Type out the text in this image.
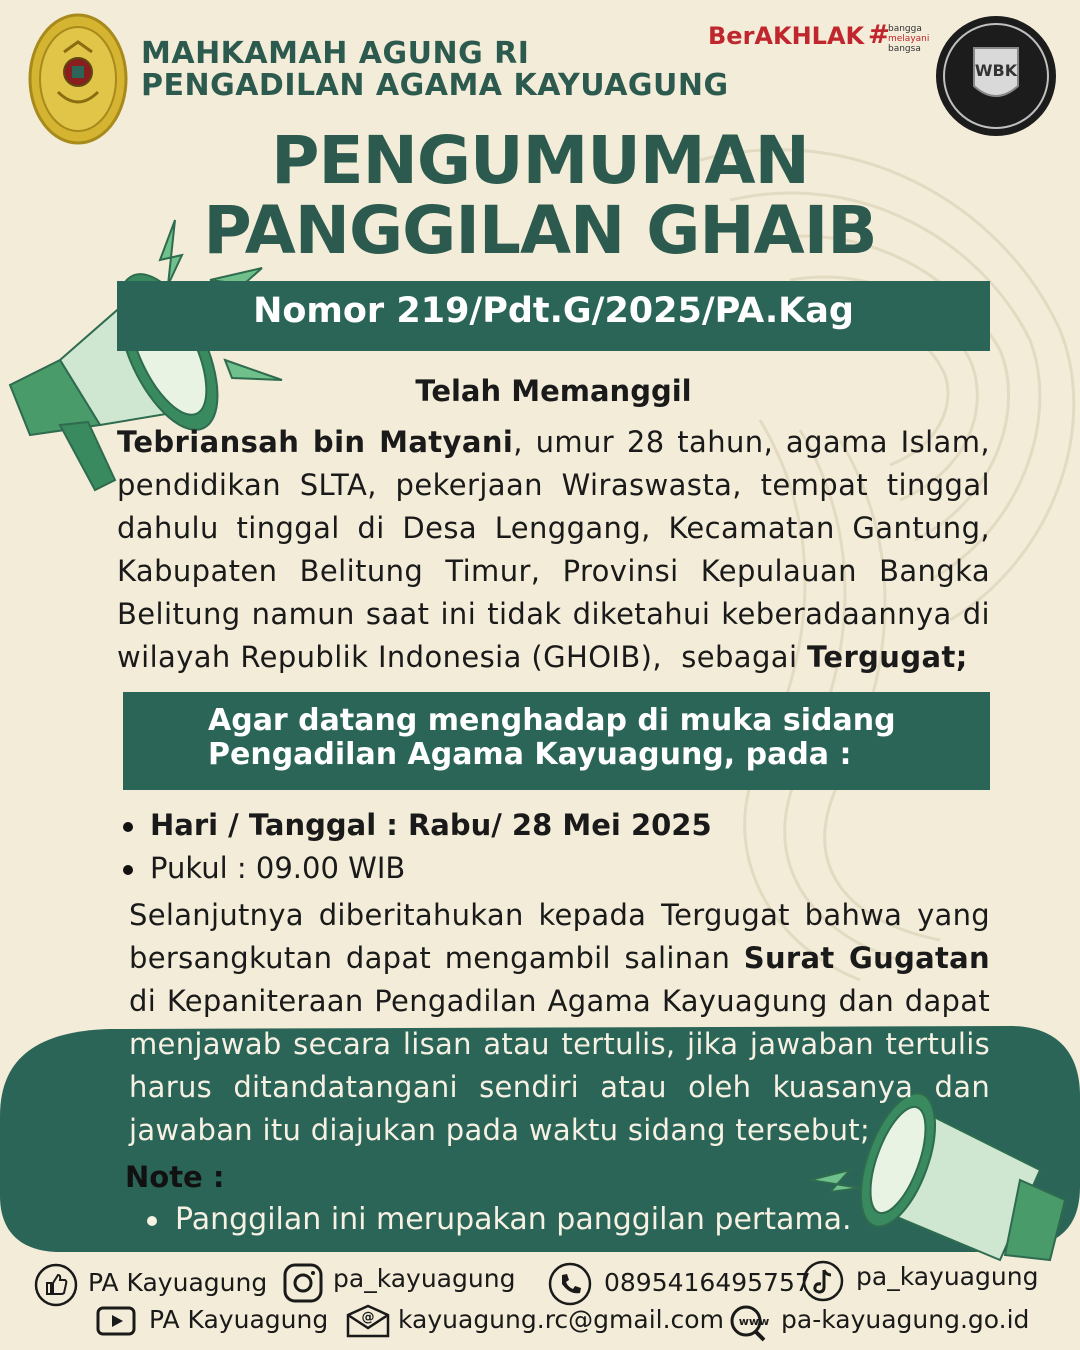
MAHKAMAH AGUNG RI
PENGADILAN AGAMA KAYUAGUNG
BerAKHLAK #
bangga
melayani
bangsa
WBK
PENGUMUMAN
PANGGILAN GHAIB
Nomor 219/Pdt.G/2025/PA.Kag
Telah Memanggil
Tebriansah bin Matyani, umur 28 tahun, agama Islam, pendidikan SLTA, pekerjaan Wiraswasta, tempat tinggal dahulu tinggal di Desa Lenggang, Kecamatan Gantung, Kabupaten Belitung Timur, Provinsi Kepulauan Bangka Belitung namun saat ini tidak diketahui keberadaannya di wilayah Republik Indonesia (GHOIB),  sebagai Tergugat;
Agar datang menghadap di muka sidang
Pengadilan Agama Kayuagung, pada :
Hari / Tanggal : Rabu/ 28 Mei 2025
Pukul : 09.00 WIB
Selanjutnya diberitahukan kepada Tergugat bahwa yang bersangkutan dapat mengambil salinan Surat Gugatan di Kepaniteraan Pengadilan Agama Kayuagung dan dapat menjawab secara lisan atau tertulis, jika jawaban tertulis harus ditandatangani sendiri atau oleh kuasanya dan jawaban itu diajukan pada waktu sidang tersebut;
Note :
Panggilan ini merupakan panggilan pertama.
PA Kayuagung	pa_kayuagung	0895416495757 pa_kayuagung
PA Kayuagung	@ kayuagung.rc@gmail.com www pa-kayuagung.go.id
